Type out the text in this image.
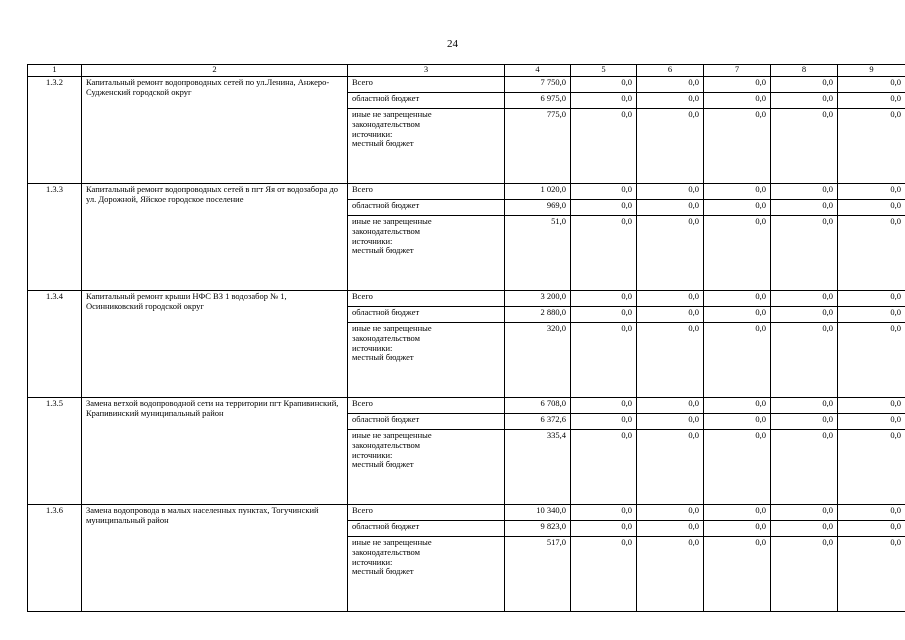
24
1	2	3	4	5	6	7	8	9
1.3.2	Капитальный ремонт водопроводных сетей по ул.Ленина, Анжеро-Судженский городской округ	Всего	7 750,0	0,0	0,0	0,0	0,0	0,0
		областной бюджет	6 975,0	0,0	0,0	0,0	0,0	0,0

		иные не запрещенные
законодательством
источники:
местный бюджет	775,0	0,0	0,0	0,0	0,0	0,0
1.3.3	Капитальный ремонт водопроводных сетей в пгт Яя от водозабора до ул. Дорожной, Яйское городское поселение	Всего	1 020,0	0,0	0,0	0,0	0,0	0,0
		областной бюджет	969,0	0,0	0,0	0,0	0,0	0,0

		иные не запрещенные
законодательством
источники:
местный бюджет	51,0	0,0	0,0	0,0	0,0	0,0
1.3.4	Капитальный ремонт крыши НФС ВЗ 1 водозабор № 1, Осинниковский городской округ	Всего	3 200,0	0,0	0,0	0,0	0,0	0,0
		областной бюджет	2 880,0	0,0	0,0	0,0	0,0	0,0

		иные не запрещенные
законодательством
источники:
местный бюджет	320,0	0,0	0,0	0,0	0,0	0,0
1.3.5	Замена ветхой водопроводной сети на территории пгт Крапивинский, Крапивинский муниципальный район	Всего	6 708,0	0,0	0,0	0,0	0,0	0,0
		областной бюджет	6 372,6	0,0	0,0	0,0	0,0	0,0

		иные не запрещенные
законодательством
источники:
местный бюджет	335,4	0,0	0,0	0,0	0,0	0,0
1.3.6	Замена водопровода в малых населенных пунктах, Тогучинский муниципальный район	Всего	10 340,0	0,0	0,0	0,0	0,0	0,0
		областной бюджет	9 823,0	0,0	0,0	0,0	0,0	0,0

		иные не запрещенные
законодательством
источники:
местный бюджет	517,0	0,0	0,0	0,0	0,0	0,0
